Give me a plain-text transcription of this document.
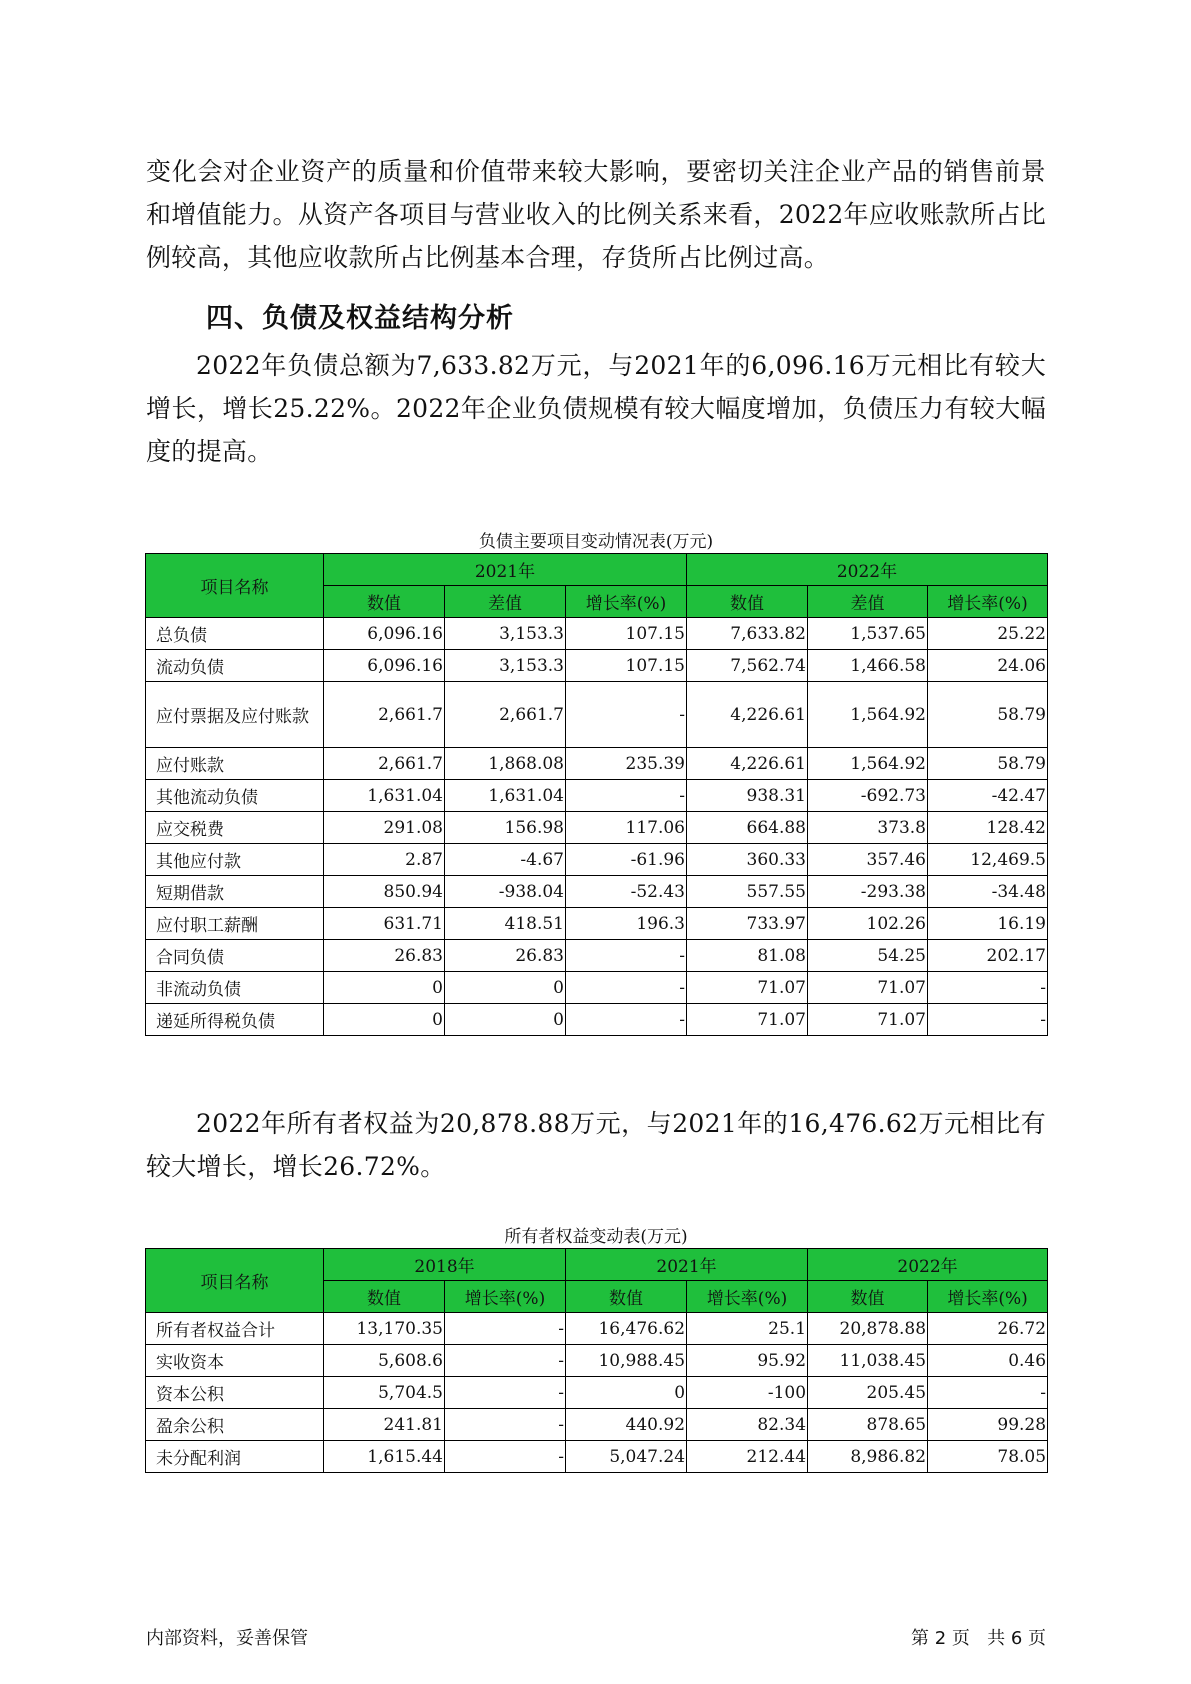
变化会对企业资产的质量和价值带来较大影响，要密切关注企业产品的销售前景和增值能力。从资产各项目与营业收入的比例关系来看，2022年应收账款所占比例较高，其他应收款所占比例基本合理，存货所占比例过高。

四、负债及权益结构分析

2022年负债总额为7,633.82万元，与2021年的6,096.16万元相比有较大增长，增长25.22%。2022年企业负债规模有较大幅度增加，负债压力有较大幅度的提高。

负债主要项目变动情况表(万元)

项目名称	2021年			2022年		
	数值	差值	增长率(%)	数值	差值	增长率(%)
总负债	6,096.16	3,153.3	107.15	7,633.82	1,537.65	25.22
流动负债	6,096.16	3,153.3	107.15	7,562.74	1,466.58	24.06
应付票据及应付账款	2,661.7	2,661.7	-	4,226.61	1,564.92	58.79
应付账款	2,661.7	1,868.08	235.39	4,226.61	1,564.92	58.79
其他流动负债	1,631.04	1,631.04	-	938.31	-692.73	-42.47
应交税费	291.08	156.98	117.06	664.88	373.8	128.42
其他应付款	2.87	-4.67	-61.96	360.33	357.46	12,469.5
短期借款	850.94	-938.04	-52.43	557.55	-293.38	-34.48
应付职工薪酬	631.71	418.51	196.3	733.97	102.26	16.19
合同负债	26.83	26.83	-	81.08	54.25	202.17
非流动负债	0	0	-	71.07	71.07	-
递延所得税负债	0	0	-	71.07	71.07	-

2022年所有者权益为20,878.88万元，与2021年的16,476.62万元相比有较大增长，增长26.72%。

所有者权益变动表(万元)

项目名称	2018年		2021年		2022年	
	数值	增长率(%)	数值	增长率(%)	数值	增长率(%)
所有者权益合计	13,170.35	-	16,476.62	25.1	20,878.88	26.72
实收资本	5,608.6	-	10,988.45	95.92	11,038.45	0.46
资本公积	5,704.5	-	0	-100	205.45	-
盈余公积	241.81	-	440.92	82.34	878.65	99.28
未分配利润	1,615.44	-	5,047.24	212.44	8,986.82	78.05

内部资料，妥善保管	第 2 页   共 6 页
